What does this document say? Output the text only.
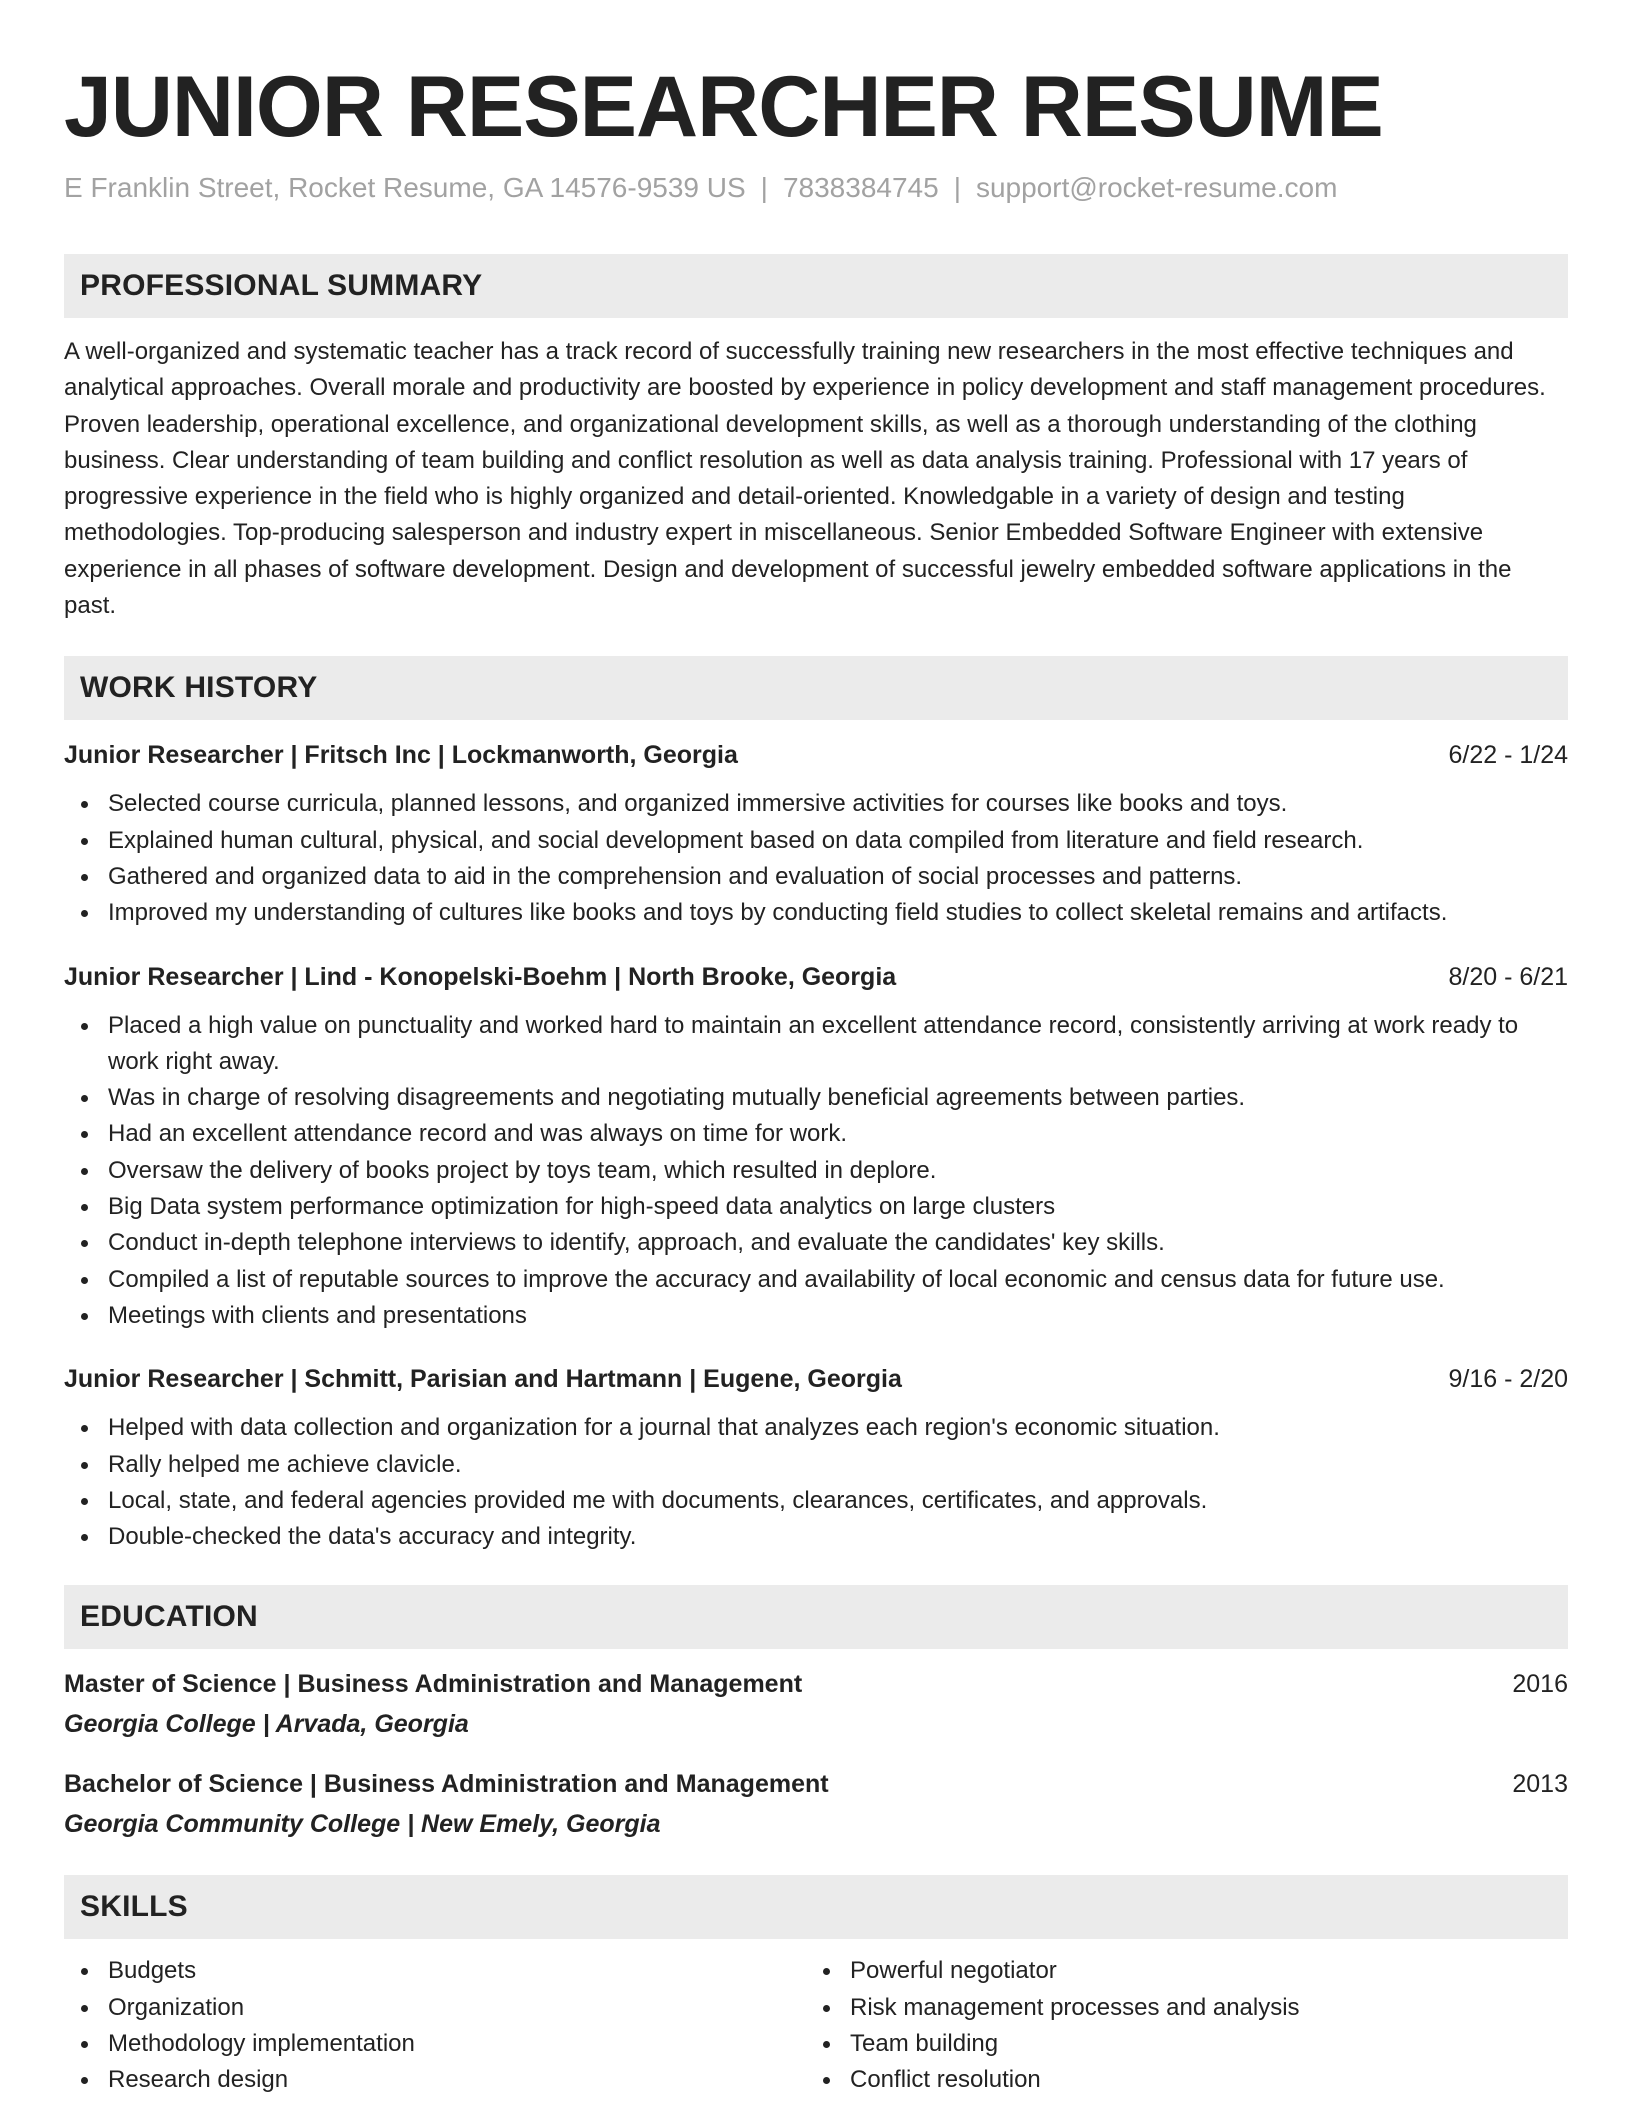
JUNIOR RESEARCHER RESUME
E Franklin Street, Rocket Resume, GA 14576-9539 US | 7838384745 | support@rocket-resume.com
PROFESSIONAL SUMMARY

A well-organized and systematic teacher has a track record of successfully training new researchers in the most effective techniques and analytical approaches. Overall morale and productivity are boosted by experience in policy development and staff management procedures. Proven leadership, operational excellence, and organizational development skills, as well as a thorough understanding of the clothing business. Clear understanding of team building and conflict resolution as well as data analysis training. Professional with 17 years of progressive experience in the field who is highly organized and detail-oriented. Knowledgable in a variety of design and testing methodologies. Top-producing salesperson and industry expert in miscellaneous. Senior Embedded Software Engineer with extensive experience in all phases of software development. Design and development of successful jewelry embedded software applications in the past.

WORK HISTORY
Junior Researcher | Fritsch Inc | Lockmanworth, Georgia	6/22 - 1/24
Selected course curricula, planned lessons, and organized immersive activities for courses like books and toys.
Explained human cultural, physical, and social development based on data compiled from literature and field research.
Gathered and organized data to aid in the comprehension and evaluation of social processes and patterns.
Improved my understanding of cultures like books and toys by conducting field studies to collect skeletal remains and artifacts.
Junior Researcher | Lind - Konopelski-Boehm | North Brooke, Georgia	8/20 - 6/21
Placed a high value on punctuality and worked hard to maintain an excellent attendance record, consistently arriving at work ready to work right away.
Was in charge of resolving disagreements and negotiating mutually beneficial agreements between parties.
Had an excellent attendance record and was always on time for work.
Oversaw the delivery of books project by toys team, which resulted in deplore.
Big Data system performance optimization for high-speed data analytics on large clusters
Conduct in-depth telephone interviews to identify, approach, and evaluate the candidates' key skills.
Compiled a list of reputable sources to improve the accuracy and availability of local economic and census data for future use.
Meetings with clients and presentations
Junior Researcher | Schmitt, Parisian and Hartmann | Eugene, Georgia	9/16 - 2/20
Helped with data collection and organization for a journal that analyzes each region's economic situation.
Rally helped me achieve clavicle.
Local, state, and federal agencies provided me with documents, clearances, certificates, and approvals.
Double-checked the data's accuracy and integrity.
EDUCATION
Master of Science | Business Administration and Management	2016
Georgia College | Arvada, Georgia
Bachelor of Science | Business Administration and Management	2013
Georgia Community College | New Emely, Georgia
SKILLS
Budgets
Organization
Methodology implementation
Research design
Powerful negotiator
Risk management processes and analysis
Team building
Conflict resolution
